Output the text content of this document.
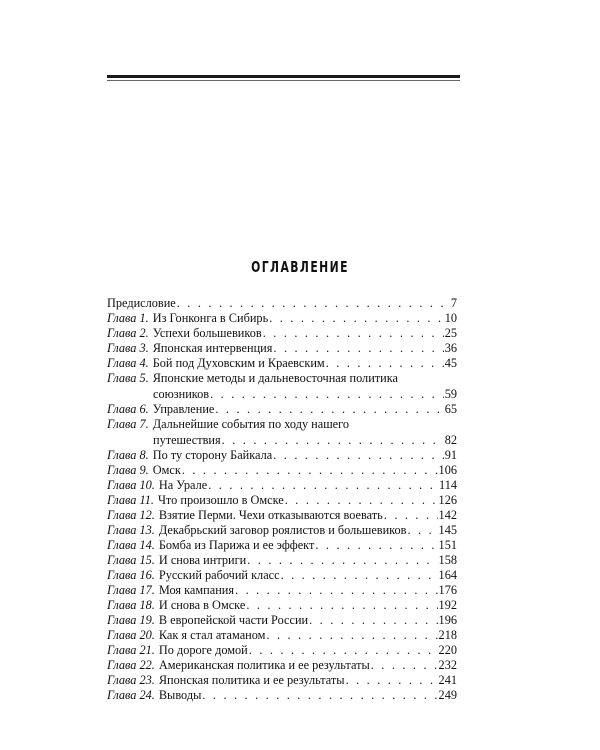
ОГЛАВЛЕНИЕ
Предисловие . . .	7
Глава 1. Из Гонконга в Сибирь . . .	10
Глава 2. Успехи большевиков . . .	25
Глава 3. Японская интервенция . . .	36
Глава 4. Бой под Духовским и Краевским . . .	45
Глава 5. Японские методы и дальневосточная политика
союзников . . .	59
Глава 6. Управление . . .	65
Глава 7. Дальнейшие события по ходу нашего
путешествия . . .	82
Глава 8. По ту сторону Байкала . . .	91
Глава 9. Омск . . .	106
Глава 10. На Урале . . .	114
Глава 11. Что произошло в Омске . . .	126
Глава 12. Взятие Перми. Чехи отказываются воевать . . .	142
Глава 13. Декабрьский заговор роялистов и большевиков . . .	145
Глава 14. Бомба из Парижа и ее эффект . . .	151
Глава 15. И снова интриги . . .	158
Глава 16. Русский рабочий класс . . .	164
Глава 17. Моя кампания . . .	176
Глава 18. И снова в Омске . . .	192
Глава 19. В европейской части России . . .	196
Глава 20. Как я стал атаманом . . .	218
Глава 21. По дороге домой . . .	220
Глава 22. Американская политика и ее результаты . . .	232
Глава 23. Японская политика и ее результаты . . .	241
Глава 24. Выводы . . .	249
